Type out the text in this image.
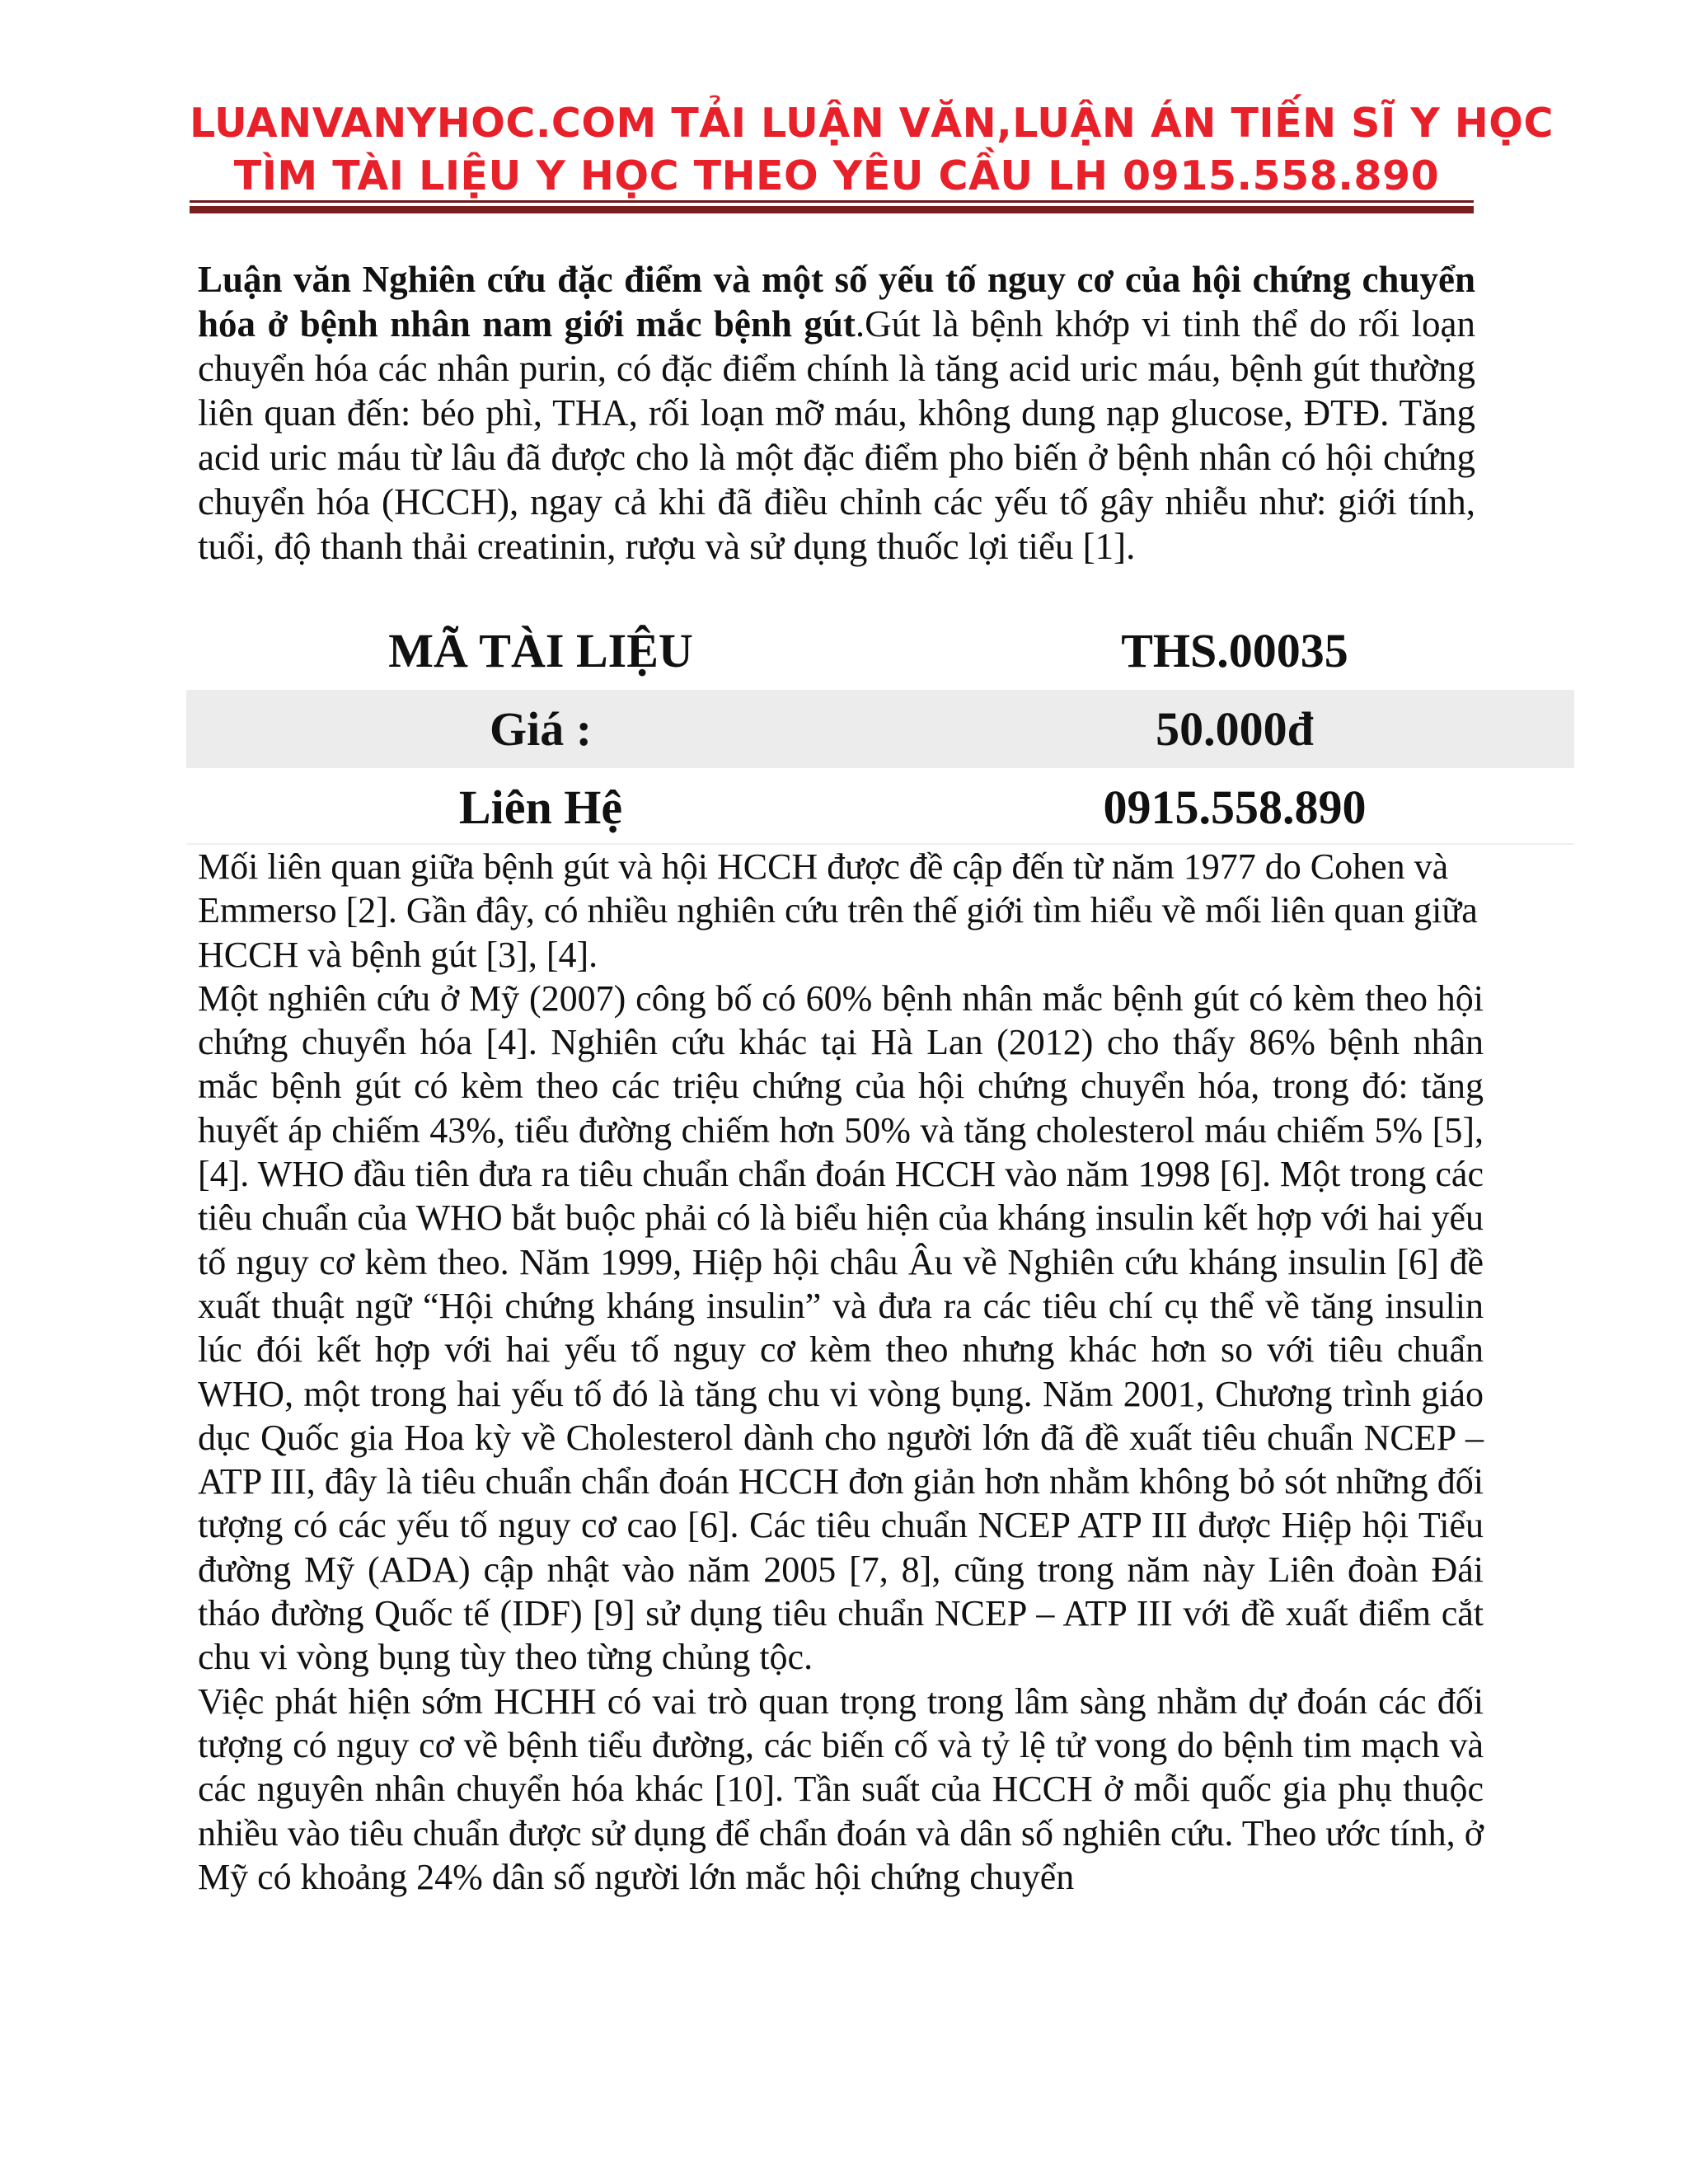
LUANVANYHOC.COM TẢI LUẬN VĂN,LUẬN ÁN TIẾN SĨ Y HỌC
TÌM TÀI LIỆU Y HỌC THEO YÊU CẦU LH 0915.558.890
Luận văn Nghiên cứu đặc điểm và một số yếu tố nguy cơ của hội chứng chuyển hóa ở bệnh nhân nam giới mắc bệnh gút.Gút là bệnh khớp vi tinh thể do rối loạn chuyển hóa các nhân purin, có đặc điểm chính là tăng acid uric máu, bệnh gút thường liên quan đến: béo phì, THA, rối loạn mỡ máu, không dung nạp glucose, ĐTĐ. Tăng acid uric máu từ lâu đã được cho là một đặc điểm pho biến ở bệnh nhân có hội chứng chuyển hóa (HCCH), ngay cả khi đã điều chỉnh các yếu tố gây nhiễu như: giới tính, tuổi, độ thanh thải creatinin, rượu và sử dụng thuốc lợi tiểu [1].
MÃ TÀI LIỆU	THS.00035
Giá :	50.000đ
Liên Hệ	0915.558.890

Mối liên quan giữa bệnh gút và hội HCCH được đề cập đến từ năm 1977 do Cohen và Emmerso [2]. Gần đây, có nhiều nghiên cứu trên thế giới tìm hiểu về mối liên quan giữa HCCH và bệnh gút [3], [4].

Một nghiên cứu ở Mỹ (2007) công bố có 60% bệnh nhân mắc bệnh gút có kèm theo hội chứng chuyển hóa [4]. Nghiên cứu khác tại Hà Lan (2012) cho thấy 86% bệnh nhân mắc bệnh gút có kèm theo các triệu chứng của hội chứng chuyển hóa, trong đó: tăng huyết áp chiếm 43%, tiểu đường chiếm hơn 50% và tăng cholesterol máu chiếm 5% [5], [4]. WHO đầu tiên đưa ra tiêu chuẩn chẩn đoán HCCH vào năm 1998 [6]. Một trong các tiêu chuẩn của WHO bắt buộc phải có là biểu hiện của kháng insulin kết hợp với hai yếu tố nguy cơ kèm theo. Năm 1999, Hiệp hội châu Âu về Nghiên cứu kháng insulin [6] đề xuất thuật ngữ “Hội chứng kháng insulin” và đưa ra các tiêu chí cụ thể về tăng insulin lúc đói kết hợp với hai yếu tố nguy cơ kèm theo nhưng khác hơn so với tiêu chuẩn WHO, một trong hai yếu tố đó là tăng chu vi vòng bụng. Năm 2001, Chương trình giáo dục Quốc gia Hoa kỳ về Cholesterol dành cho người lớn đã đề xuất tiêu chuẩn NCEP – ATP III, đây là tiêu chuẩn chẩn đoán HCCH đơn giản hơn nhằm không bỏ sót những đối tượng có các yếu tố nguy cơ cao [6]. Các tiêu chuẩn NCEP ATP III được Hiệp hội Tiểu đường Mỹ (ADA) cập nhật vào năm 2005 [7, 8], cũng trong năm này Liên đoàn Đái tháo đường Quốc tế (IDF) [9] sử dụng tiêu chuẩn NCEP – ATP III với đề xuất điểm cắt chu vi vòng bụng tùy theo từng chủng tộc.

Việc phát hiện sớm HCHH có vai trò quan trọng trong lâm sàng nhằm dự đoán các đối tượng có nguy cơ về bệnh tiểu đường, các biến cố và tỷ lệ tử vong do bệnh tim mạch và các nguyên nhân chuyển hóa khác [10]. Tần suất của HCCH ở mỗi quốc gia phụ thuộc nhiều vào tiêu chuẩn được sử dụng để chẩn đoán và dân số nghiên cứu. Theo ước tính, ở Mỹ có khoảng 24% dân số người lớn mắc hội chứng chuyển
